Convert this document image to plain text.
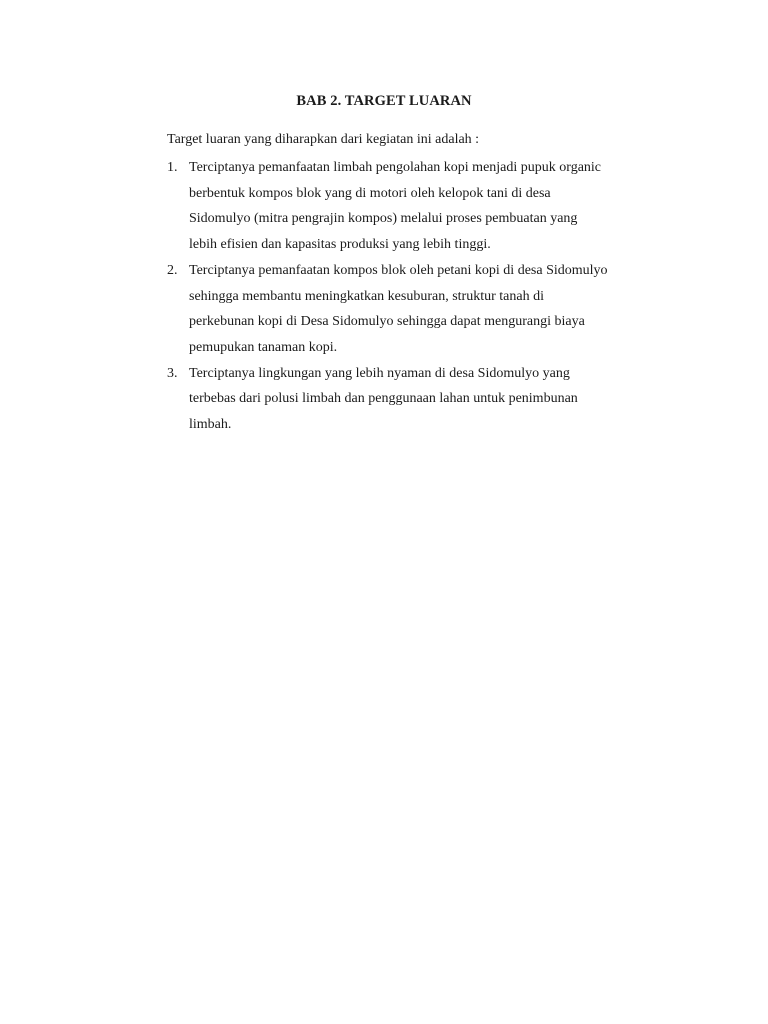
BAB 2. TARGET LUARAN
Target luaran yang diharapkan dari kegiatan ini adalah :
1. Terciptanya pemanfaatan limbah pengolahan kopi menjadi pupuk organic
berbentuk kompos blok yang di motori oleh kelopok tani di desa
Sidomulyo (mitra pengrajin kompos) melalui proses pembuatan yang
lebih efisien dan kapasitas produksi yang lebih tinggi.
2. Terciptanya pemanfaatan kompos blok oleh petani kopi di desa Sidomulyo
sehingga membantu meningkatkan kesuburan, struktur tanah di
perkebunan kopi di Desa Sidomulyo sehingga dapat mengurangi biaya
pemupukan tanaman kopi.
3. Terciptanya lingkungan yang lebih nyaman di desa Sidomulyo yang
terbebas dari polusi limbah dan penggunaan lahan untuk penimbunan
limbah.
